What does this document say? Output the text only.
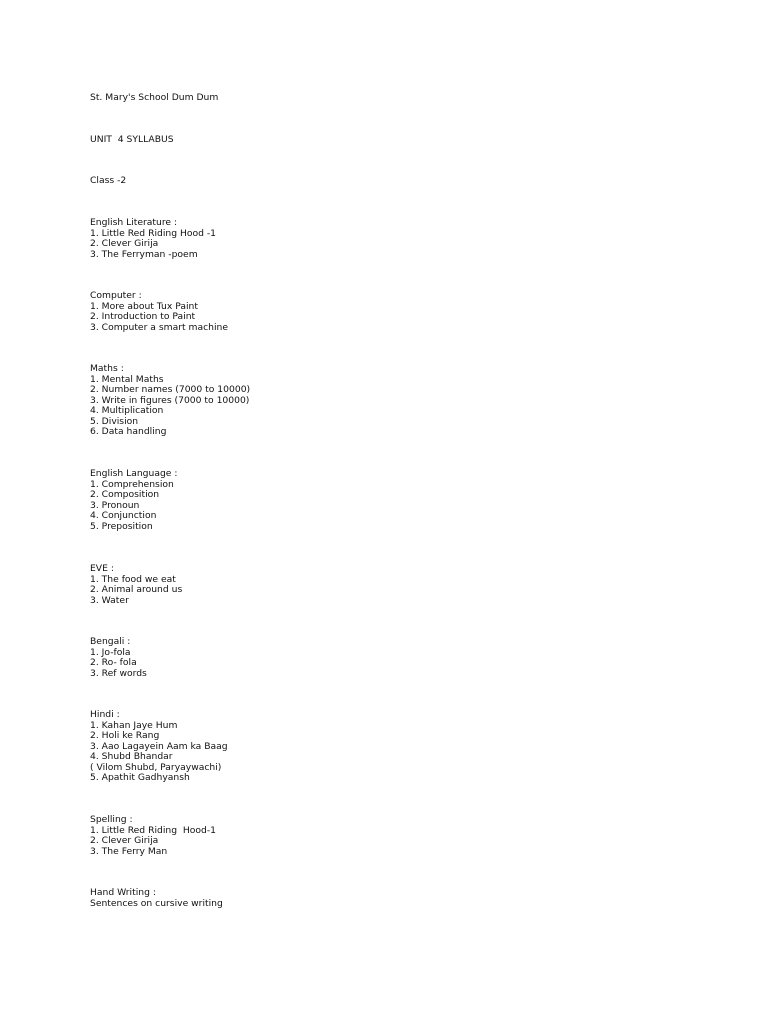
St. Mary's School Dum Dum
UNIT  4 SYLLABUS
Class -2
English Literature :
1. Little Red Riding Hood -1
2. Clever Girija
3. The Ferryman -poem
Computer :
1. More about Tux Paint
2. Introduction to Paint
3. Computer a smart machine
Maths :
1. Mental Maths
2. Number names (7000 to 10000)
3. Write in figures (7000 to 10000)
4. Multiplication
5. Division
6. Data handling
English Language :
1. Comprehension
2. Composition
3. Pronoun
4. Conjunction
5. Preposition
EVE :
1. The food we eat
2. Animal around us
3. Water
Bengali :
1. Jo-fola
2. Ro- fola
3. Ref words
Hindi :
1. Kahan Jaye Hum
2. Holi ke Rang
3. Aao Lagayein Aam ka Baag
4. Shubd Bhandar
( Vilom Shubd, Paryaywachi)
5. Apathit Gadhyansh
Spelling :
1. Little Red Riding  Hood-1
2. Clever Girija
3. The Ferry Man
Hand Writing :
Sentences on cursive writing
